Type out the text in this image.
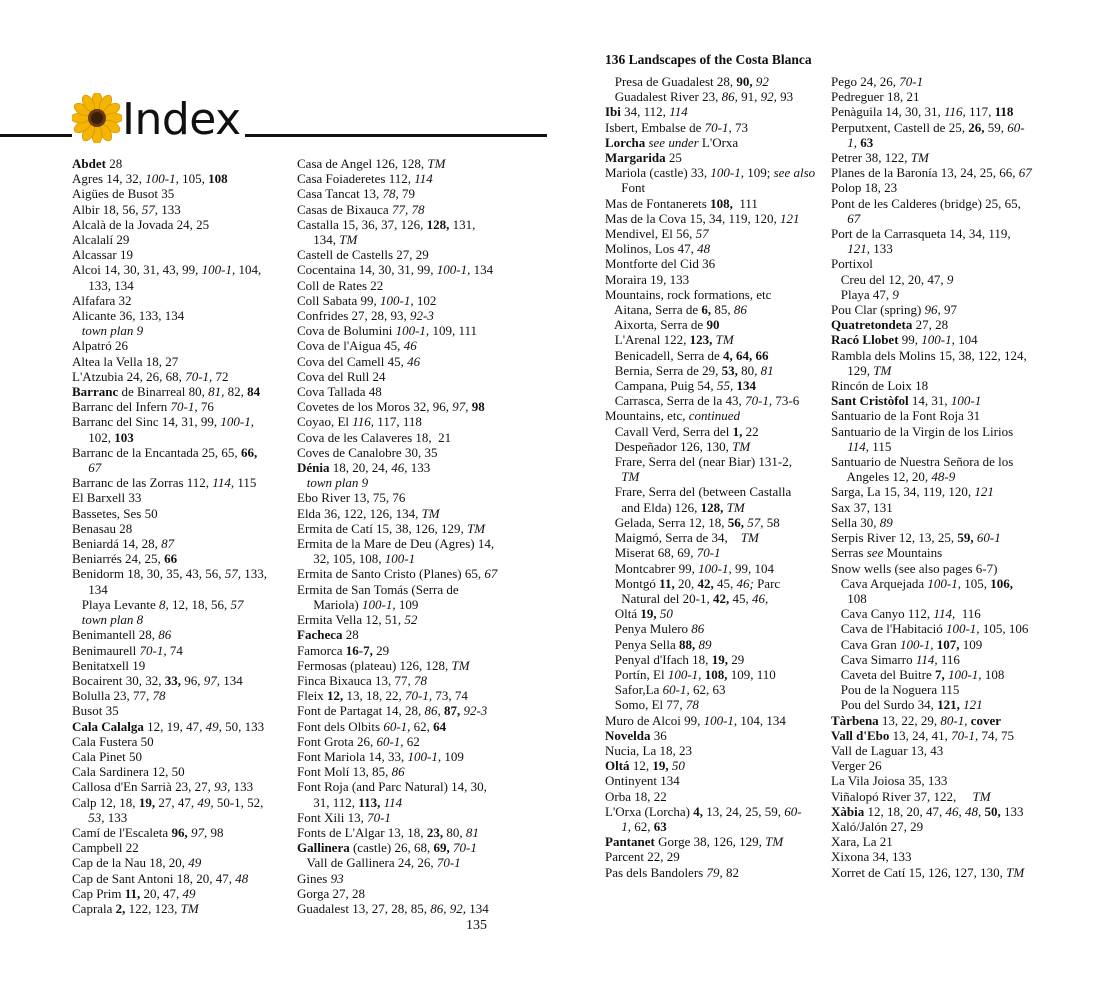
Index
136 Landscapes of the Costa Blanca
Abdet 28
Agres 14, 32, 100-1, 105, 108
Aigües de Busot 35
Albir 18, 56, 57, 133
Alcalà de la Jovada 24, 25
Alcalalí 29
Alcassar 19
Alcoi 14, 30, 31, 43, 99, 100-1, 104,
133, 134
Alfafara 32
Alicante 36, 133, 134
town plan 9
Alpatró 26
Altea la Vella 18, 27
L'Atzubia 24, 26, 68, 70-1, 72
Barranc de Binarreal 80, 81, 82, 84
Barranc del Infern 70-1, 76
Barranc del Sinc 14, 31, 99, 100-1,
102, 103
Barranc de la Encantada 25, 65, 66,
67
Barranc de las Zorras 112, 114, 115
El Barxell 33
Bassetes, Ses 50
Benasau 28
Beniardá 14, 28, 87
Beniarrés 24, 25, 66
Benidorm 18, 30, 35, 43, 56, 57, 133,
134
Playa Levante 8, 12, 18, 56, 57
town plan 8
Benimantell 28, 86
Benimaurell 70-1, 74
Benitatxell 19
Bocairent 30, 32, 33, 96, 97, 134
Bolulla 23, 77, 78
Busot 35
Cala Calalga 12, 19, 47, 49, 50, 133
Cala Fustera 50
Cala Pinet 50
Cala Sardinera 12, 50
Callosa d'En Sarrià 23, 27, 93, 133
Calp 12, 18, 19, 27, 47, 49, 50-1, 52,
53, 133
Camí de l'Escaleta 96, 97, 98
Campbell 22
Cap de la Nau 18, 20, 49
Cap de Sant Antoni 18, 20, 47, 48
Cap Prim 11, 20, 47, 49
Caprala 2, 122, 123, TM
Casa de Angel 126, 128, TM
Casa Foiaderetes 112, 114
Casa Tancat 13, 78, 79
Casas de Bixauca 77, 78
Castalla 15, 36, 37, 126, 128, 131,
134, TM
Castell de Castells 27, 29
Cocentaina 14, 30, 31, 99, 100-1, 134
Coll de Rates 22
Coll Sabata 99, 100-1, 102
Confrides 27, 28, 93, 92-3
Cova de Bolumini 100-1, 109, 111
Cova de l'Aigua 45, 46
Cova del Camell 45, 46
Cova del Rull 24
Cova Tallada 48
Covetes de los Moros 32, 96, 97, 98
Coyao, El 116, 117, 118
Cova de les Calaveres 18,  21
Coves de Canalobre 30, 35
Dénia 18, 20, 24, 46, 133
town plan 9
Ebo River 13, 75, 76
Elda 36, 122, 126, 134, TM
Ermita de Catí 15, 38, 126, 129, TM
Ermita de la Mare de Deu (Agres) 14,
32, 105, 108, 100-1
Ermita de Santo Cristo (Planes) 65, 67
Ermita de San Tomás (Serra de
Mariola) 100-1, 109
Ermita Vella 12, 51, 52
Facheca 28
Famorca 16-7, 29
Fermosas (plateau) 126, 128, TM
Finca Bixauca 13, 77, 78
Fleix 12, 13, 18, 22, 70-1, 73, 74
Font de Partagat 14, 28, 86, 87, 92-3
Font dels Olbits 60-1, 62, 64
Font Grota 26, 60-1, 62
Font Mariola 14, 33, 100-1, 109
Font Molí 13, 85, 86
Font Roja (and Parc Natural) 14, 30,
31, 112, 113, 114
Font Xili 13, 70-1
Fonts de L'Algar 13, 18, 23, 80, 81
Gallinera (castle) 26, 68, 69, 70-1
Vall de Gallinera 24, 26, 70-1
Gines 93
Gorga 27, 28
Guadalest 13, 27, 28, 85, 86, 92, 134
Presa de Guadalest 28, 90, 92
Guadalest River 23, 86, 91, 92, 93
Ibi 34, 112, 114
Isbert, Embalse de 70-1, 73
Lorcha see under L'Orxa
Margarida 25
Mariola (castle) 33, 100-1, 109; see also
Font
Mas de Fontanerets 108,  111
Mas de la Cova 15, 34, 119, 120, 121
Mendivel, El 56, 57
Molinos, Los 47, 48
Montforte del Cid 36
Moraira 19, 133
Mountains, rock formations, etc
Aitana, Serra de 6, 85, 86
Aixorta, Serra de 90
L'Arenal 122, 123, TM
Benicadell, Serra de 4, 64, 66
Bernia, Serra de 29, 53, 80, 81
Campana, Puig 54, 55, 134
Carrasca, Serra de la 43, 70-1, 73-6
Mountains, etc, continued
Cavall Verd, Serra del 1, 22
Despeñador 126, 130, TM
Frare, Serra del (near Biar) 131-2,
TM
Frare, Serra del (between Castalla
and Elda) 126, 128, TM
Gelada, Serra 12, 18, 56, 57, 58
Maigmó, Serra de 34,    TM
Miserat 68, 69, 70-1
Montcabrer 99, 100-1, 99, 104
Montgó 11, 20, 42, 45, 46; Parc
Natural del 20-1, 42, 45, 46,
Oltá 19, 50
Penya Mulero 86
Penya Sella 88, 89
Penyal d'Ifach 18, 19, 29
Portín, El 100-1, 108, 109, 110
Safor,La 60-1, 62, 63
Somo, El 77, 78
Muro de Alcoi 99, 100-1, 104, 134
Novelda 36
Nucia, La 18, 23
Oltá 12, 19, 50
Ontinyent 134
Orba 18, 22
L'Orxa (Lorcha) 4, 13, 24, 25, 59, 60-
1, 62, 63
Pantanet Gorge 38, 126, 129, TM
Parcent 22, 29
Pas dels Bandolers 79, 82
Pego 24, 26, 70-1
Pedreguer 18, 21
Penàguila 14, 30, 31, 116, 117, 118
Perputxent, Castell de 25, 26, 59, 60-
1, 63
Petrer 38, 122, TM
Planes de la Baronía 13, 24, 25, 66, 67
Polop 18, 23
Pont de les Calderes (bridge) 25, 65,
67
Port de la Carrasqueta 14, 34, 119,
121, 133
Portixol
Creu del 12, 20, 47, 9
Playa 47, 9
Pou Clar (spring) 96, 97
Quatretondeta 27, 28
Racó Llobet 99, 100-1, 104
Rambla dels Molins 15, 38, 122, 124,
129, TM
Rincón de Loix 18
Sant Cristòfol 14, 31, 100-1
Santuario de la Font Roja 31
Santuario de la Virgin de los Lirios
114, 115
Santuario de Nuestra Señora de los
Angeles 12, 20, 48-9
Sarga, La 15, 34, 119, 120, 121
Sax 37, 131
Sella 30, 89
Serpis River 12, 13, 25, 59, 60-1
Serras see Mountains
Snow wells (see also pages 6-7)
Cava Arquejada 100-1, 105, 106,
108
Cava Canyo 112, 114,  116
Cava de l'Habitació 100-1, 105, 106
Cava Gran 100-1, 107, 109
Cava Simarro 114, 116
Caveta del Buitre 7, 100-1, 108
Pou de la Noguera 115
Pou del Surdo 34, 121, 121
Tàrbena 13, 22, 29, 80-1, cover
Vall d'Ebo 13, 24, 41, 70-1, 74, 75
Vall de Laguar 13, 43
Verger 26
La Vila Joiosa 35, 133
Viñalopó River 37, 122,     TM
Xàbia 12, 18, 20, 47, 46, 48, 50, 133
Xaló/Jalón 27, 29
Xara, La 21
Xixona 34, 133
Xorret de Catí 15, 126, 127, 130, TM
135
